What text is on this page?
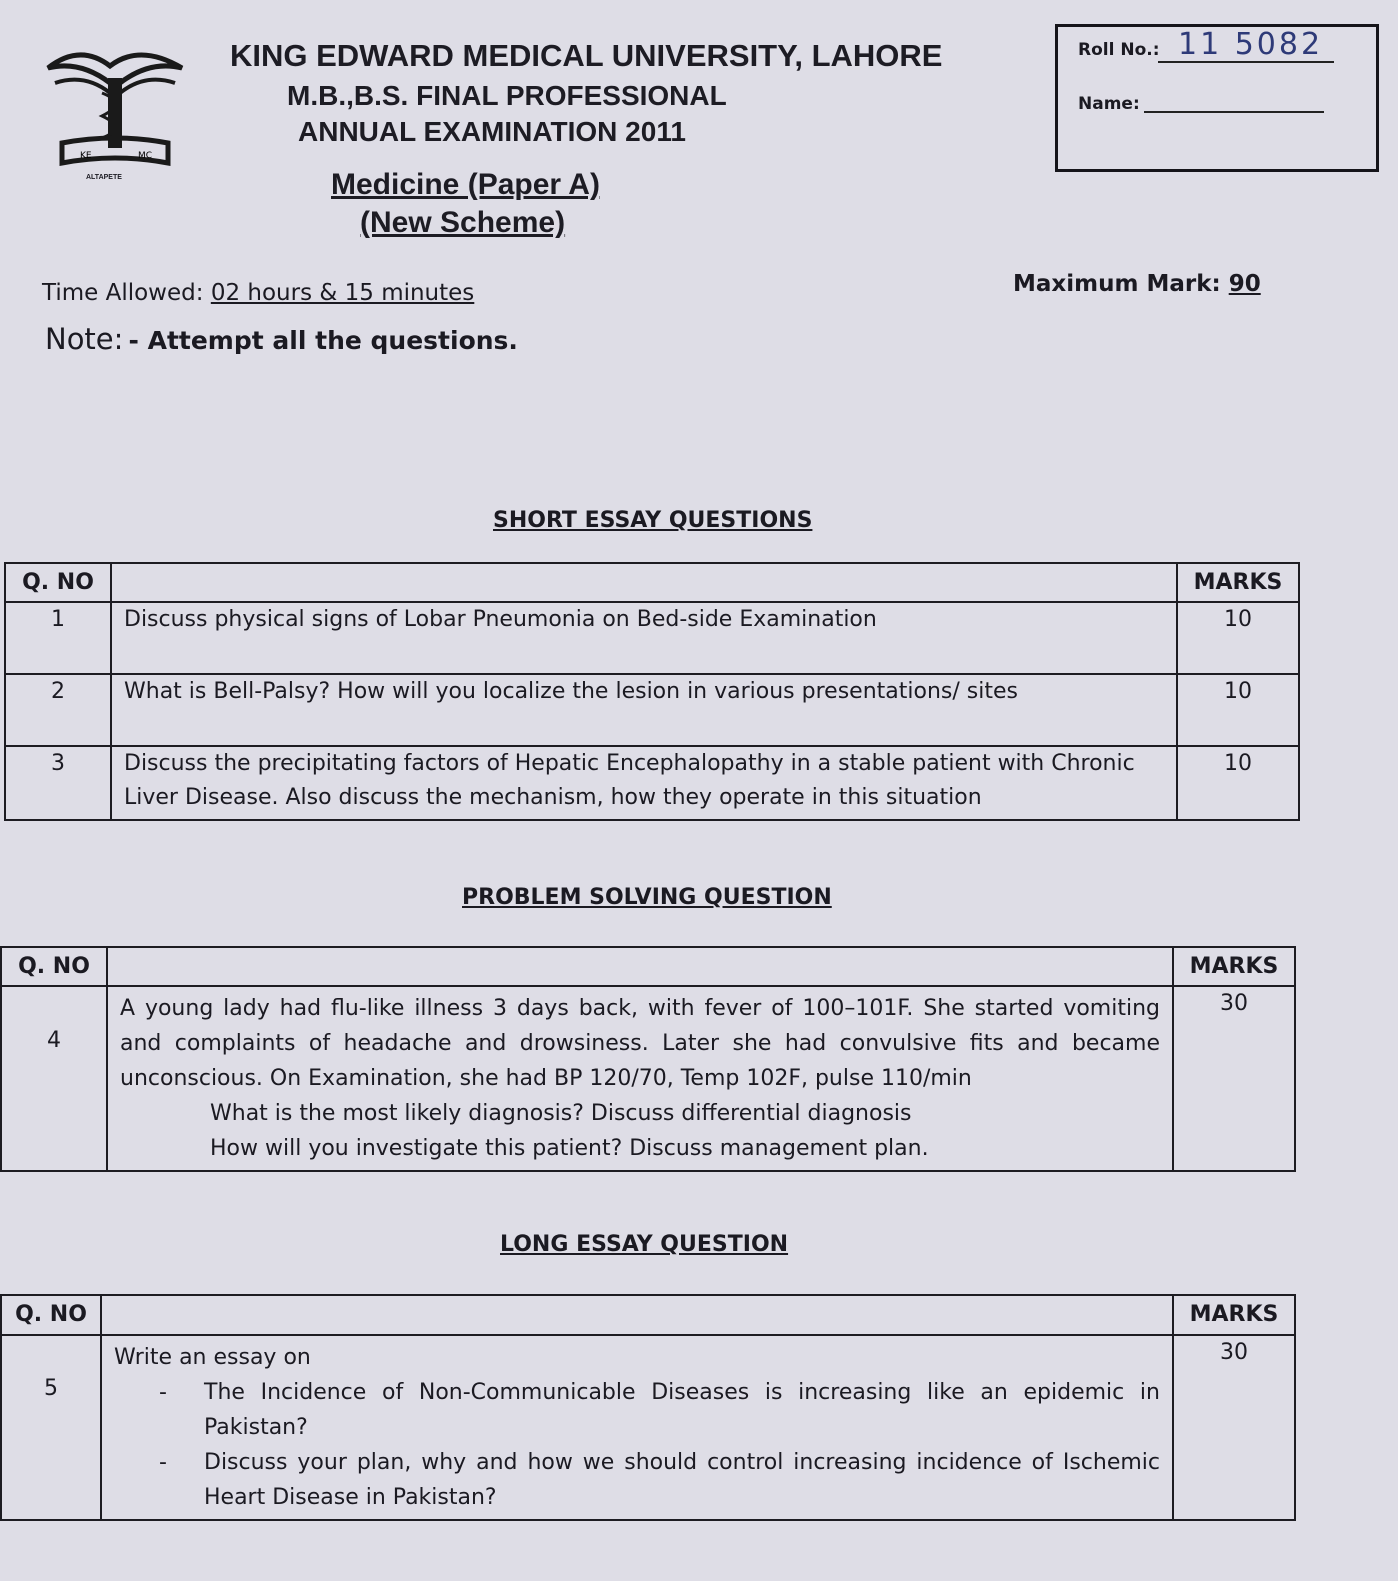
KE	MC
ALTAPETE
KING EDWARD MEDICAL UNIVERSITY, LAHORE
M.B.,B.S. FINAL PROFESSIONAL
ANNUAL EXAMINATION 2011
Medicine (Paper A)
(New Scheme)
Roll No.: 11 5082
Name:
Time Allowed: 02 hours & 15 minutes	Maximum Mark: 90
Note: - Attempt all the questions.
SHORT ESSAY QUESTIONS
Q. NO		MARKS
1	Discuss physical signs of Lobar Pneumonia on Bed-side Examination	10
2	What is Bell-Palsy? How will you localize the lesion in various presentations/ sites	10
3	Discuss the precipitating factors of Hepatic Encephalopathy in a stable patient with Chronic Liver Disease. Also discuss the mechanism, how they operate in this situation	10
PROBLEM SOLVING QUESTION
Q. NO		MARKS
4	A young lady had flu-like illness 3 days back, with fever of 100–101F. She started vomiting and complaints of headache and drowsiness. Later she had convulsive fits and became unconscious. On Examination, she had BP 120/70, Temp 102F, pulse 110/min
What is the most likely diagnosis? Discuss differential diagnosis
How will you investigate this patient? Discuss management plan.	30
LONG ESSAY QUESTION
Q. NO		MARKS
5	Write an essay on
- The Incidence of Non-Communicable Diseases is increasing like an epidemic in Pakistan?
- Discuss your plan, why and how we should control increasing incidence of Ischemic Heart Disease in Pakistan?	30
